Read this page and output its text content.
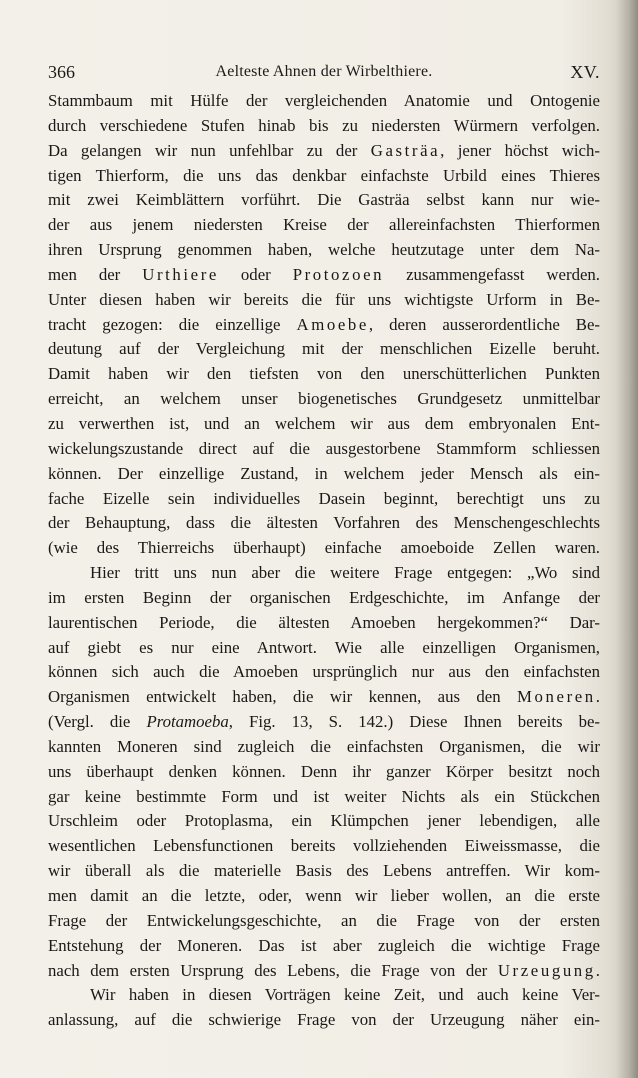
366	Aelteste Ahnen der Wirbelthiere.	XV.
Stammbaum mit Hülfe der vergleichenden Anatomie und Ontogenie
durch verschiedene Stufen hinab bis zu niedersten Würmern verfolgen.
Da gelangen wir nun unfehlbar zu der Gasträa, jener höchst wich-
tigen Thierform, die uns das denkbar einfachste Urbild eines Thieres
mit zwei Keimblättern vorführt. Die Gasträa selbst kann nur wie-
der aus jenem niedersten Kreise der allereinfachsten Thierformen
ihren Ursprung genommen haben, welche heutzutage unter dem Na-
men der Urthiere oder Protozoen zusammengefasst werden.
Unter diesen haben wir bereits die für uns wichtigste Urform in Be-
tracht gezogen: die einzellige Amoebe, deren ausserordentliche Be-
deutung auf der Vergleichung mit der menschlichen Eizelle beruht.
Damit haben wir den tiefsten von den unerschütterlichen Punkten
erreicht, an welchem unser biogenetisches Grundgesetz unmittelbar
zu verwerthen ist, und an welchem wir aus dem embryonalen Ent-
wickelungszustande direct auf die ausgestorbene Stammform schliessen
können. Der einzellige Zustand, in welchem jeder Mensch als ein-
fache Eizelle sein individuelles Dasein beginnt, berechtigt uns zu
der Behauptung, dass die ältesten Vorfahren des Menschengeschlechts
(wie des Thierreichs überhaupt) einfache amoeboide Zellen waren.
Hier tritt uns nun aber die weitere Frage entgegen: „Wo sind
im ersten Beginn der organischen Erdgeschichte, im Anfange der
laurentischen Periode, die ältesten Amoeben hergekommen?“ Dar-
auf giebt es nur eine Antwort. Wie alle einzelligen Organismen,
können sich auch die Amoeben ursprünglich nur aus den einfachsten
Organismen entwickelt haben, die wir kennen, aus den Moneren.
(Vergl. die Protamoeba, Fig. 13, S. 142.) Diese Ihnen bereits be-
kannten Moneren sind zugleich die einfachsten Organismen, die wir
uns überhaupt denken können. Denn ihr ganzer Körper besitzt noch
gar keine bestimmte Form und ist weiter Nichts als ein Stückchen
Urschleim oder Protoplasma, ein Klümpchen jener lebendigen, alle
wesentlichen Lebensfunctionen bereits vollziehenden Eiweissmasse, die
wir überall als die materielle Basis des Lebens antreffen. Wir kom-
men damit an die letzte, oder, wenn wir lieber wollen, an die erste
Frage der Entwickelungsgeschichte, an die Frage von der ersten
Entstehung der Moneren. Das ist aber zugleich die wichtige Frage
nach dem ersten Ursprung des Lebens, die Frage von der Urzeugung.
Wir haben in diesen Vorträgen keine Zeit, und auch keine Ver-
anlassung, auf die schwierige Frage von der Urzeugung näher ein-
